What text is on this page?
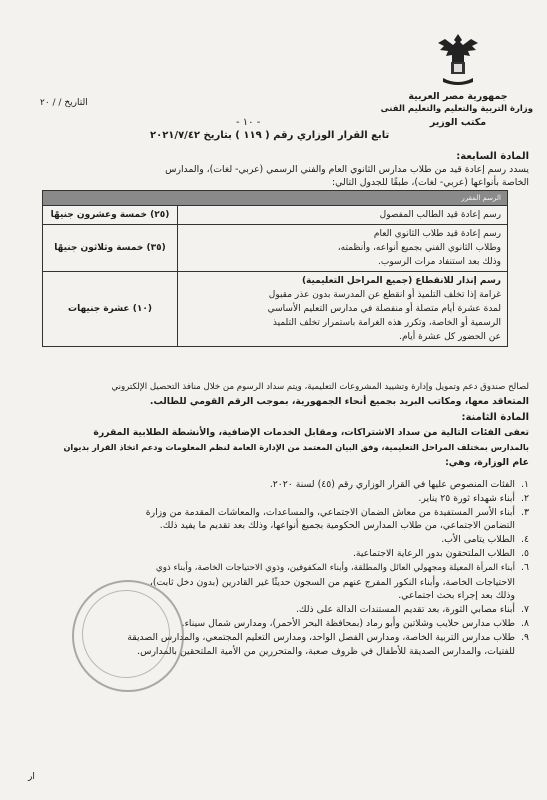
جمهورية مصر العربية
وزارة التربية والتعليم والتعليم الفنى
مكتب الوزير
التاريخ / / ٢٠
- ١٠ -
تابع القرار الوزاري رقم ( ١١٩ ) بتاريخ ٢٠٢١/٧/٤٢
المادة السابعة:
يسدد رسم إعادة قيد من طلاب مدارس الثانوي العام والفني الرسمي (عربي- لغات)، والمدارس
الخاصة بأنواعها (عربي- لغات)، طبقًا للجدول التالي:
الرسم المقرر	

رسم إعادة قيد الطالب المفصول	(٢٥) خمسة وعشرون جنيهًا

رسم إعادة قيد طلاب الثانوي العام
وطلاب الثانوي الفني بجميع أنواعه، وأنظمته،
وذلك بعد استنفاد مرات الرسوب.	(٣٥) خمسة وثلاثون جنيهًا

رسم إنذار للانقطاع (جميع المراحل التعليمية)
غرامة إذا تخلف التلميذ أو انقطع عن المدرسة بدون عذر مقبول
لمدة عشرة أيام متصلة أو منفصلة في مدارس التعليم الأساسي
الرسمية أو الخاصة، وتكرر هذه الغرامة باستمرار تخلف التلميذ
عن الحضور كل عشرة أيام.	(١٠) عشرة جنيهات
لصالح صندوق دعم وتمويل وإدارة وتشييد المشروعات التعليمية، ويتم سداد الرسوم من خلال منافذ التحصيل الإلكتروني
المتعاقد معها، ومكاتب البريد بجميع أنحاء الجمهورية، بموجب الرقم القومي للطالب.
المادة الثامنة:
تعفى الفئات التالية من سداد الاشتراكات، ومقابل الخدمات الإضافية، والأنشطة الطلابية المقررة
بالمدارس بمختلف المراحل التعليمية، وفق البيان المعتمد من الإدارة العامة لنظم المعلومات ودعم اتخاذ القرار بديوان
عام الوزارة، وهي:
١.الفئات المنصوص عليها في القرار الوزاري رقم (٤٥) لسنة ٢٠٢٠.
٢.أبناء شهداء ثورة ٢٥ يناير.
٣.أبناء الأسر المستفيدة من معاش الضمان الاجتماعي، والمساعدات، والمعاشات المقدمة من وزارة
التضامن الاجتماعي، من طلاب المدارس الحكومية بجميع أنواعها، وذلك بعد تقديم ما يفيد ذلك.
٤.الطلاب يتامى الأب.
٥.الطلاب الملتحقون بدور الرعاية الاجتماعية.
٦.أبناء المرأة المعيلة ومجهولي العائل والمطلقة، وأبناء المكفوفين، وذوي الاحتياجات الخاصة، وأبناء ذوي
الاحتياجات الخاصة، وأبناء النكور المفرج عنهم من السجون حديثًا غير القادرين (بدون دخل ثابت)،
وذلك بعد إجراء بحث اجتماعي.
٧.أبناء مصابي الثورة، بعد تقديم المستندات الدالة على ذلك.
٨.طلاب مدارس حلايب وشلاتين وأبو رماد (بمحافظة البحر الأحمر)، ومدارس شمال سيناء.
٩.طلاب مدارس التربية الخاصة، ومدارس الفصل الواحد، ومدارس التعليم المجتمعي، والمدارس الصديقة
للفتيات، والمدارس الصديقة للأطفال في ظروف صعبة، والمتحررين من الأمية الملتحقين بالمدارس.
ار
